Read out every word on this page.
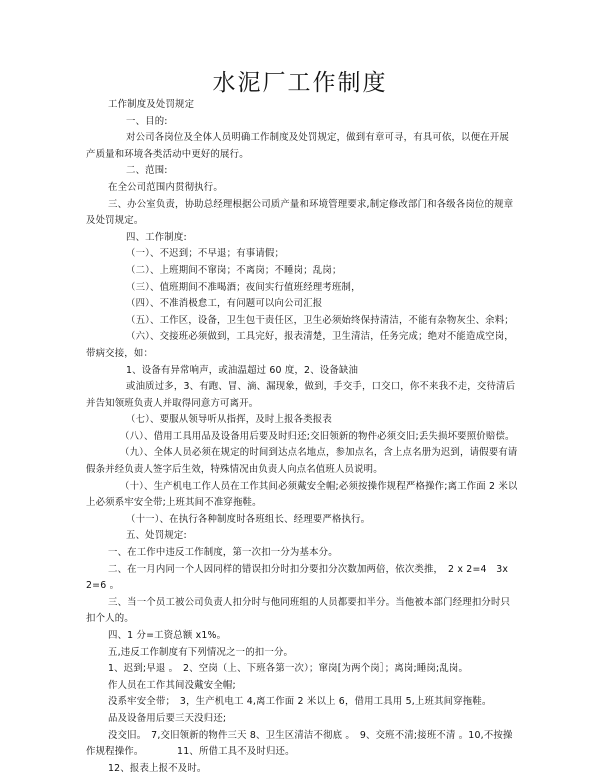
水泥厂工作制度

工作制度及处罚规定

一、目的:

对公司各岗位及全体人员明确工作制度及处罚规定，做到有章可寻，有具可依，以便在开展产质量和环境各类活动中更好的展行。

二、范围:

在全公司范围内贯彻执行。

三、办公室负责，协助总经理根据公司质产量和环境管理要求,制定修改部门和各级各岗位的规章及处罚规定。

四、工作制度:

（一）、不迟到；不早退；有事请假；

（二）、上班期间不窜岗；不离岗；不睡岗；乱岗；

（三）、值班期间不准喝酒；夜间实行值班经理考班制，

（四）、不准消极怠工，有问题可以向公司汇报

（五）、工作区，设备，卫生包干责任区，卫生必须始终保持清洁，不能有杂物灰尘、余料；

（六）、交接班必须做到，工具完好，报表清楚，卫生清洁，任务完成；绝对不能造成空岗，带病交接，如：

1、设备有异常响声，或油温超过 60 度，2、设备缺油

或油质过多，3、有跑、冒、滴、漏现象，做到，手交手，口交口，你不来我不走，交待清后并告知领班负责人并取得同意方可离开。

（七）、要服从领导听从指挥，及时上报各类报表

（八）、借用工具用品及设备用后要及时归还;交旧领新的物件必须交旧;丢失损坏要照价赔偿。

（九）、全体人员必须在规定的时间到达点名地点，参加点名，含上点名册为迟到，请假要有请假条并经负责人签字后生效，特殊情况由负责人向点名值班人员说明。

（十）、生产机电工作人员在工作其间必须戴安全帽;必须按操作规程严格操作;离工作面 2 米以上必须系牢安全带;上班其间不准穿拖鞋。

（十一）、在执行各种制度时各班组长、经理要严格执行。

五、处罚规定:

一、在工作中违反工作制度，第一次扣一分为基本分。

二、在一月内同一个人因同样的错误扣分时扣分要扣分次数加两倍，依次类推，　2 x 2=4　3x 2=6 。

三、当一个员工被公司负责人扣分时与他同班组的人员都要扣半分。当他被本部门经理扣分时只扣个人的。

四、1 分=工资总额 x1%。

五,违反工作制度有下列情况之一的扣一分。

1、迟到;早退 。　2、空岗（上、下班各第一次）；窜岗[为两个岗］；离岗;睡岗;乱岗。

作人员在工作其间没戴安全帽;

没系牢安全带；　3，生产机电工 4,离工作面 2 米以上 6，借用工具用 5,上班其间穿拖鞋。

品及设备用后要三天没归还;

没交旧。　7,交旧领新的物件三天 8、卫生区清洁不彻底 。　9、交班不清;接班不清 。10,不按操作规程操作。　　　　11、所借工具不及时归还。

12、报表上报不及时。
